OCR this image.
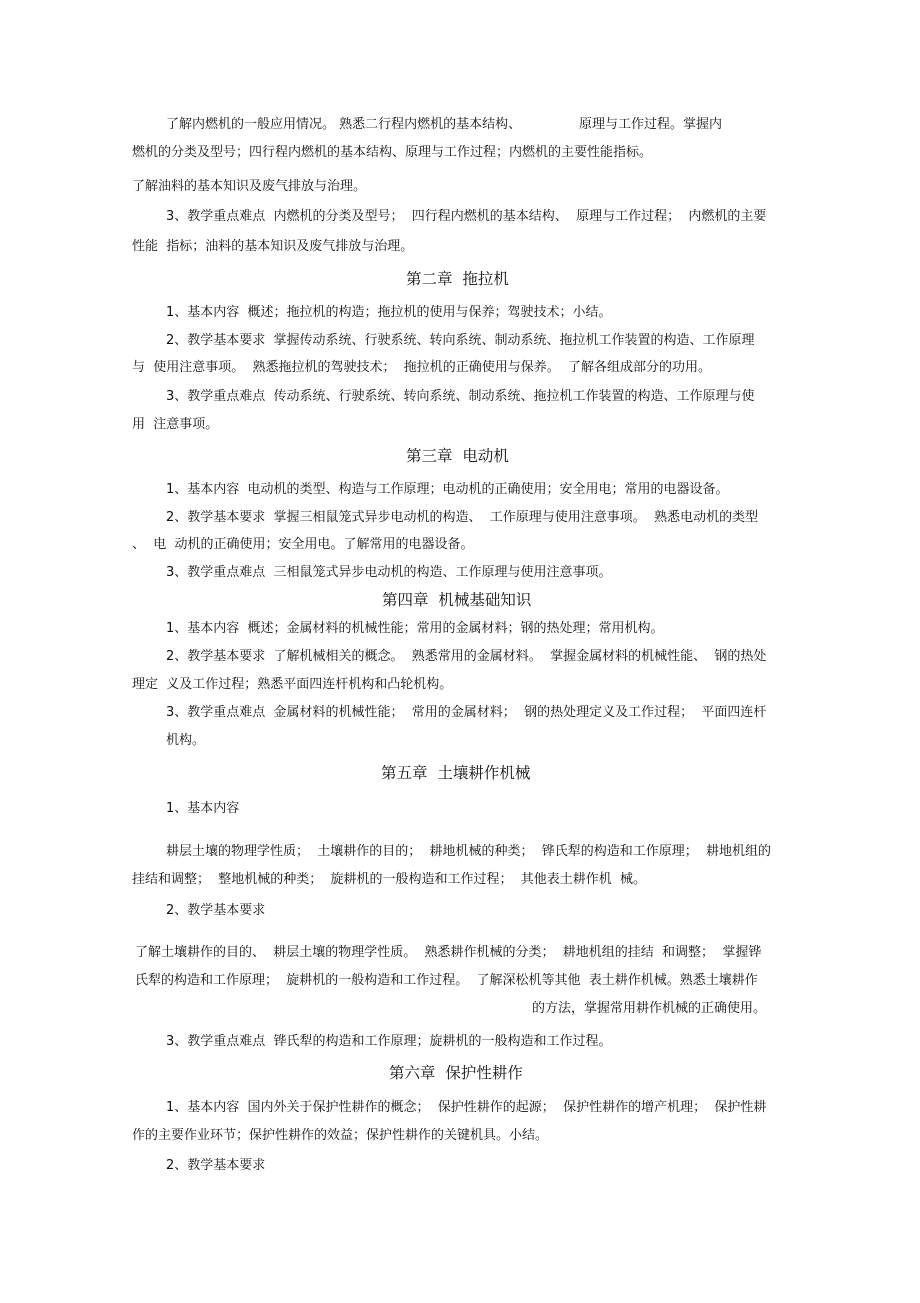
了解内燃机的一般应用情况。 熟悉二行程内燃机的基本结构、              原理与工作过程。掌握内
燃机的分类及型号；四行程内燃机的基本结构、原理与工作过程；内燃机的主要性能指标。
了解油料的基本知识及废气排放与治理。
3、教学重点难点  内燃机的分类及型号；  四行程内燃机的基本结构、  原理与工作过程；  内燃机的主要
性能  指标；油料的基本知识及废气排放与治理。
第二章  拖拉机
1、基本内容  概述；拖拉机的构造；拖拉机的使用与保养；驾驶技术；小结。
2、教学基本要求  掌握传动系统、行驶系统、转向系统、制动系统、拖拉机工作装置的构造、工作原理
与  使用注意事项。  熟悉拖拉机的驾驶技术；  拖拉机的正确使用与保养。  了解各组成部分的功用。
3、教学重点难点  传动系统、行驶系统、转向系统、制动系统、拖拉机工作装置的构造、工作原理与使
用  注意事项。
第三章  电动机
1、基本内容  电动机的类型、构造与工作原理；电动机的正确使用；安全用电；常用的电器设备。
2、教学基本要求  掌握三相鼠笼式异步电动机的构造、  工作原理与使用注意事项。  熟悉电动机的类型
、  电  动机的正确使用；安全用电。了解常用的电器设备。
3、教学重点难点  三相鼠笼式异步电动机的构造、工作原理与使用注意事项。
第四章  机械基础知识
1、基本内容  概述；金属材料的机械性能；常用的金属材料；钢的热处理；常用机构。
2、教学基本要求  了解机械相关的概念。  熟悉常用的金属材料。  掌握金属材料的机械性能、  钢的热处
理定  义及工作过程；熟悉平面四连杆机构和凸轮机构。
3、教学重点难点  金属材料的机械性能；  常用的金属材料；  钢的热处理定义及工作过程；  平面四连杆
机构。
第五章  土壤耕作机械
1、基本内容
耕层土壤的物理学性质；  土壤耕作的目的；  耕地机械的种类；  铧氏犁的构造和工作原理；  耕地机组的
挂结和调整；  整地机械的种类；  旋耕机的一般构造和工作过程；  其他表土耕作机  械。
2、教学基本要求
了解土壤耕作的目的、  耕层土壤的物理学性质。  熟悉耕作机械的分类；  耕地机组的挂结  和调整；  掌握铧
氏犁的构造和工作原理；  旋耕机的一般构造和工作过程。  了解深松机等其他  表土耕作机械。熟悉土壤耕作
的方法，掌握常用耕作机械的正确使用。
3、教学重点难点  铧氏犁的构造和工作原理；旋耕机的一般构造和工作过程。
第六章  保护性耕作
1、基本内容  国内外关于保护性耕作的概念；  保护性耕作的起源；  保护性耕作的增产机理；  保护性耕
作的主要作业环节；保护性耕作的效益；保护性耕作的关键机具。小结。
2、教学基本要求
